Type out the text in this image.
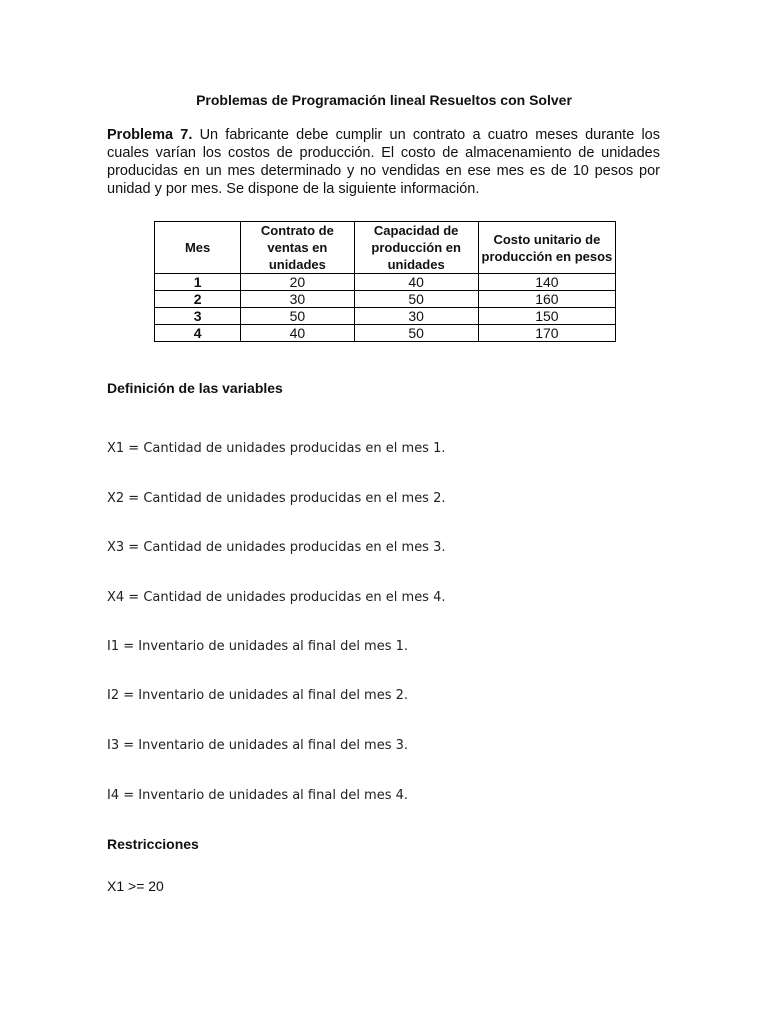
Problemas de Programación lineal Resueltos con Solver
Problema 7. Un fabricante debe cumplir un contrato a cuatro meses durante los cuales varían los costos de producción. El costo de almacenamiento de unidades producidas en un mes determinado y no vendidas en ese mes es de 10 pesos por unidad y por mes. Se dispone de la siguiente información.
Mes	Contrato de ventas en unidades	Capacidad de producción en unidades	Costo unitario de producción en pesos
1	20	40	140
2	30	50	160
3	50	30	150
4	40	50	170
Definición de las variables
X1 = Cantidad de unidades producidas en el mes 1.
X2 = Cantidad de unidades producidas en el mes 2.
X3 = Cantidad de unidades producidas en el mes 3.
X4 = Cantidad de unidades producidas en el mes 4.
I1 = Inventario de unidades al final del mes 1.
I2 = Inventario de unidades al final del mes 2.
I3 = Inventario de unidades al final del mes 3.
I4 = Inventario de unidades al final del mes 4.
Restricciones
X1 >= 20
